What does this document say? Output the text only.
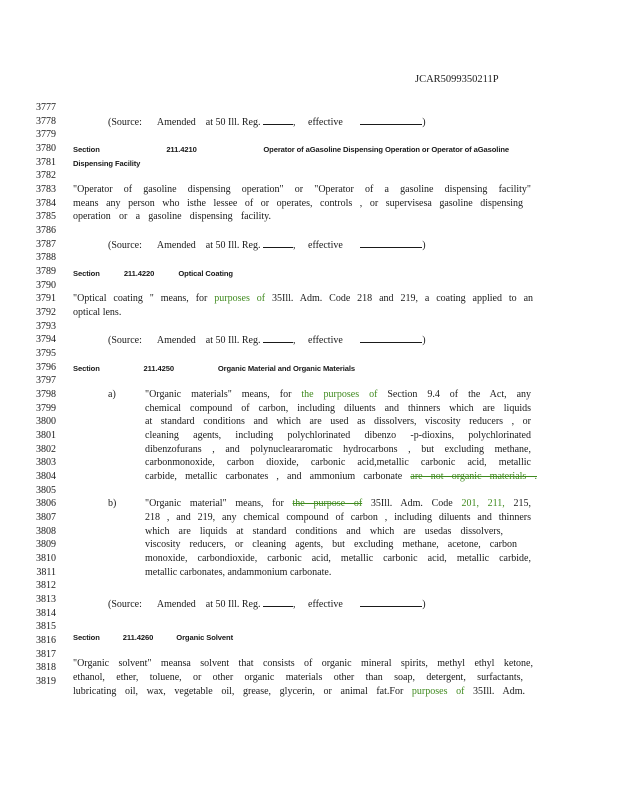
JCAR5099350211P
3777
3778
3779
3780
3781
3782
3783
3784
3785
3786
3787
3788
3789
3790
3791
3792
3793
3794
3795
3796
3797
3798
3799
3800
3801
3802
3803
3804
3805
3806
3807
3808
3809
3810
3811
3812
3813
3814
3815
3816
3817
3818
3819
(Source: Amended at 50 Ill. Reg.	, effective	)
Section	211.4210	Operator of aGasoline Dispensing Operation or Operator of aGasoline
Dispensing Facility
"Operator of gasoline dispensing operation" or "Operator of a gasoline dispensing facility"
means any person who isthe lessee of or operates, controls , or supervisesa gasoline dispensing
operation or a gasoline dispensing facility.
(Source: Amended at 50 Ill. Reg.	, effective	)
Section	211.4220	Optical Coating
"Optical coating " means, for purposes of 35Ill. Adm. Code 218 and 219, a coating applied to an
optical lens.
(Source: Amended at 50 Ill. Reg.	, effective	)
Section	211.4250	Organic Material and Organic Materials
a)	"Organic materials" means, for the purposes of Section 9.4 of the Act, any
chemical compound of carbon, including diluents and thinners which are liquids
at standard conditions and which are used as dissolvers, viscosity reducers , or
cleaning agents, including polychlorinated dibenzo -p-dioxins, polychlorinated
dibenzofurans , and polynucleararomatic hydrocarbons , but excluding methane,
carbonmonoxide, carbon dioxide, carbonic acid,metallic carbonic acid, metallic
carbide, metallic carbonates , and ammonium carbonate are not organic materials .
b)	"Organic material" means, for the purpose of 35Ill. Adm. Code 201, 211, 215,
218 , and 219, any chemical compound of carbon , including diluents and thinners
which are liquids at standard conditions and which are usedas dissolvers,
viscosity reducers, or cleaning agents, but excluding methane, acetone, carbon
monoxide, carbondioxide, carbonic acid, metallic carbonic acid, metallic carbide,
metallic carbonates, andammonium carbonate.
(Source: Amended at 50 Ill. Reg.	, effective	)
Section	211.4260	Organic Solvent
"Organic solvent" meansa solvent that consists of organic mineral spirits, methyl ethyl ketone,
ethanol, ether, toluene, or other organic materials other than soap, detergent, surfactants,
lubricating oil, wax, vegetable oil, grease, glycerin, or animal fat.For purposes of 35Ill. Adm.
